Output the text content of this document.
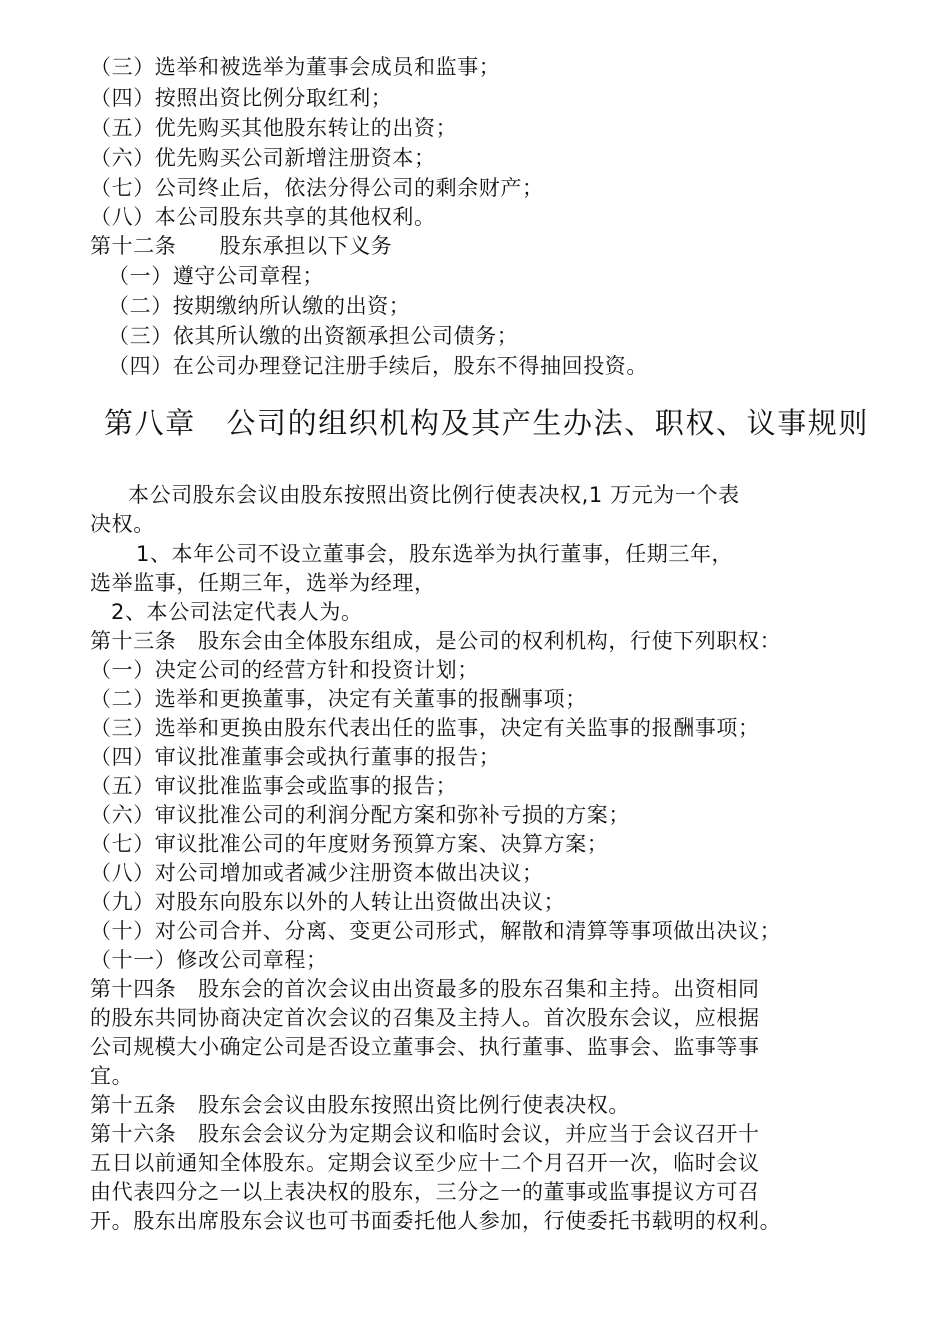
（三）选举和被选举为董事会成员和监事；
（四）按照出资比例分取红利；
（五）优先购买其他股东转让的出资；
（六）优先购买公司新增注册资本；
（七）公司终止后，依法分得公司的剩余财产；
（八）本公司股东共享的其他权利。
第十二条　　股东承担以下义务
（一）遵守公司章程；
（二）按期缴纳所认缴的出资；
（三）依其所认缴的出资额承担公司债务；
（四）在公司办理登记注册手续后，股东不得抽回投资。
第八章　公司的组织机构及其产生办法、职权、议事规则
本公司股东会议由股东按照出资比例行使表决权,1 万元为一个表
决权。
1、本年公司不设立董事会，股东选举为执行董事，任期三年，
选举监事，任期三年，选举为经理，
2、本公司法定代表人为。
第十三条　股东会由全体股东组成，是公司的权利机构，行使下列职权：
（一）决定公司的经营方针和投资计划；
（二）选举和更换董事，决定有关董事的报酬事项；
（三）选举和更换由股东代表出任的监事，决定有关监事的报酬事项；
（四）审议批准董事会或执行董事的报告；
（五）审议批准监事会或监事的报告；
（六）审议批准公司的利润分配方案和弥补亏损的方案；
（七）审议批准公司的年度财务预算方案、决算方案；
（八）对公司增加或者减少注册资本做出决议；
（九）对股东向股东以外的人转让出资做出决议；
（十）对公司合并、分离、变更公司形式，解散和清算等事项做出决议；
（十一）修改公司章程；
第十四条　股东会的首次会议由出资最多的股东召集和主持。出资相同
的股东共同协商决定首次会议的召集及主持人。首次股东会议，应根据
公司规模大小确定公司是否设立董事会、执行董事、监事会、监事等事
宜。
第十五条　股东会会议由股东按照出资比例行使表决权。
第十六条　股东会会议分为定期会议和临时会议，并应当于会议召开十
五日以前通知全体股东。定期会议至少应十二个月召开一次，临时会议
由代表四分之一以上表决权的股东，三分之一的董事或监事提议方可召
开。股东出席股东会议也可书面委托他人参加，行使委托书载明的权利。
